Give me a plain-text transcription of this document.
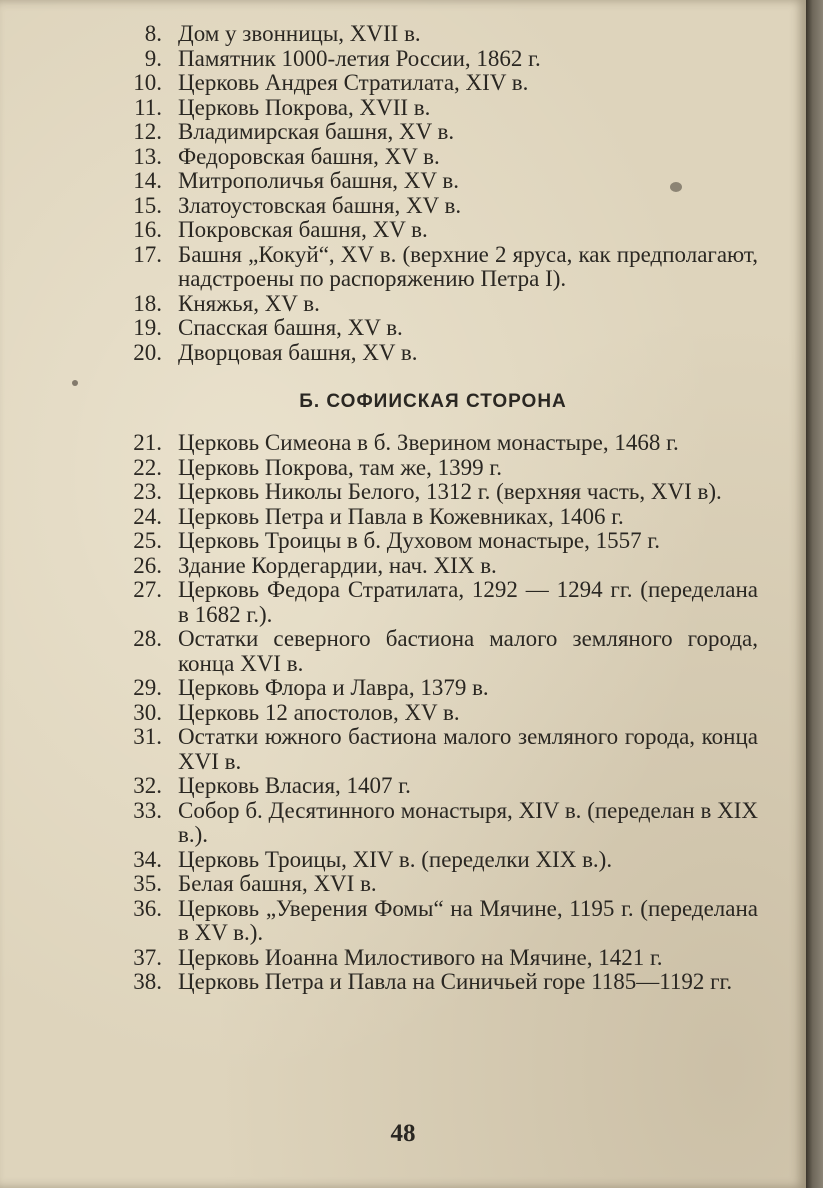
8. Дом у звонницы, XVII в.
9. Памятник 1000-летия России, 1862 г.
10. Церковь Андрея Стратилата, XIV в.
11. Церковь Покрова, XVII в.
12. Владимирская башня, XV в.
13. Федоровская башня, XV в.
14. Митрополичья башня, XV в.
15. Златоустовская башня, XV в.
16. Покровская башня, XV в.
17. Башня „Кокуй“, XV в. (верхние 2 яруса, как предполагают, надстроены по распоряжению Петра I).
18. Княжья, XV в.
19. Спасская башня, XV в.
20. Дворцовая башня, XV в.
Б. СОФИИСКАЯ СТОРОНА
21. Церковь Симеона в б. Зверином монастыре, 1468 г.
22. Церковь Покрова, там же, 1399 г.
23. Церковь Николы Белого, 1312 г. (верхняя часть, XVI в).
24. Церковь Петра и Павла в Кожевниках, 1406 г.
25. Церковь Троицы в б. Духовом монастыре, 1557 г.
26. Здание Кордегардии, нач. XIX в.
27. Церковь Федора Стратилата, 1292 — 1294 гг. (переделана в 1682 г.).
28. Остатки северного бастиона малого земляного города, конца XVI в.
29. Церковь Флора и Лавра, 1379 в.
30. Церковь 12 апостолов, XV в.
31. Остатки южного бастиона малого земляного города, конца XVI в.
32. Церковь Власия, 1407 г.
33. Собор б. Десятинного монастыря, XIV в. (переделан в XIX в.).
34. Церковь Троицы, XIV в. (переделки XIX в.).
35. Белая башня, XVI в.
36. Церковь „Уверения Фомы“ на Мячине, 1195 г. (переделана в XV в.).
37. Церковь Иоанна Милостивого на Мячине, 1421 г.
38. Церковь Петра и Павла на Синичьей горе 1185—1192 гг.
48
